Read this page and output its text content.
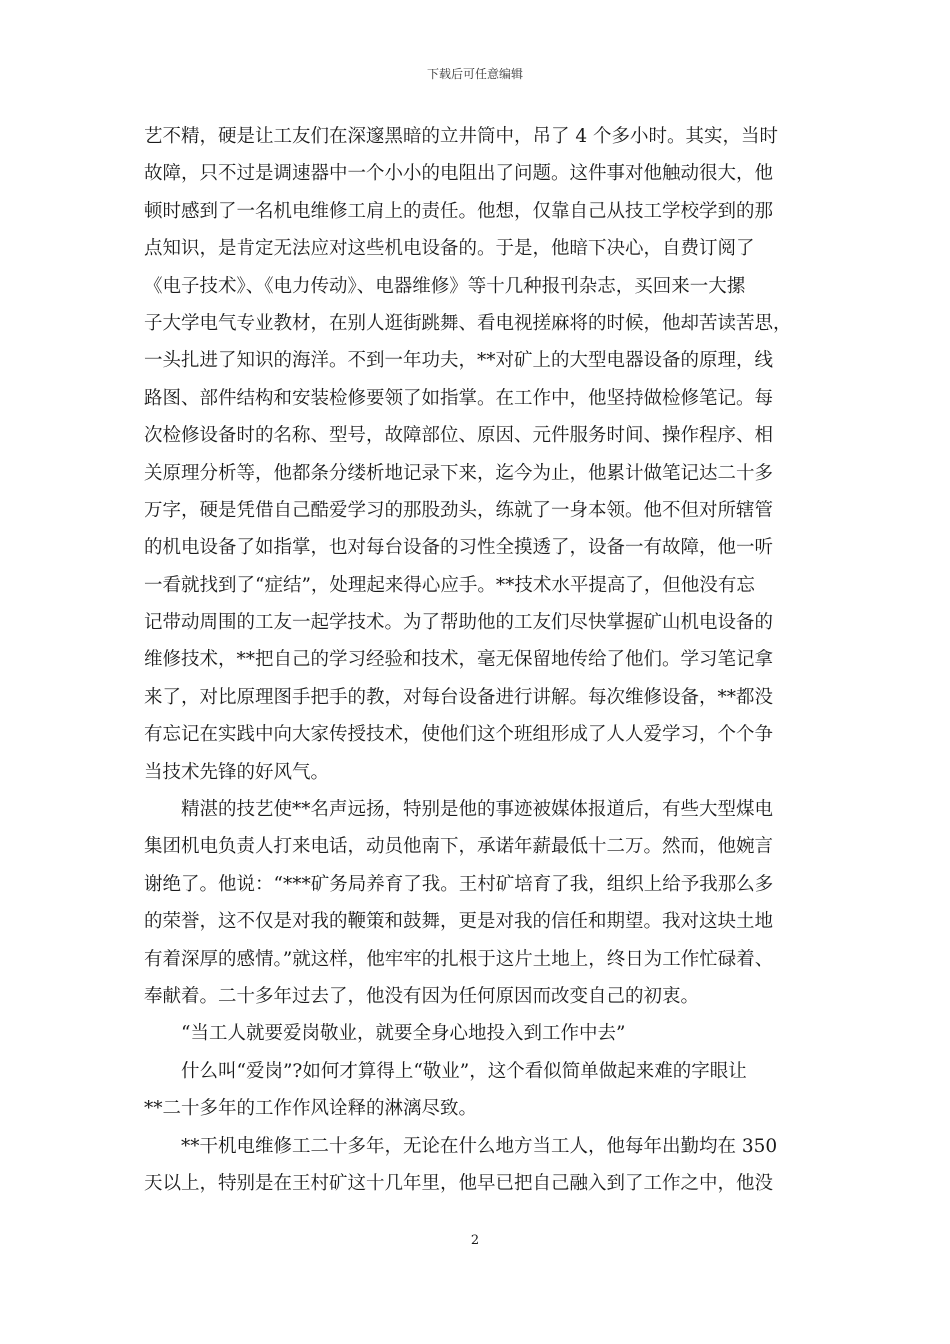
下载后可任意编辑
艺不精，硬是让工友们在深邃黑暗的立井筒中，吊了 4 个多小时。其实，当时
故障，只不过是调速器中一个小小的电阻出了问题。这件事对他触动很大，他
顿时感到了一名机电维修工肩上的责任。他想，仅靠自己从技工学校学到的那
点知识，是肯定无法应对这些机电设备的。于是，他暗下决心，自费订阅了
《电子技术》、《电力传动》、电器维修》等十几种报刊杂志，买回来一大摞
子大学电气专业教材，在别人逛街跳舞、看电视搓麻将的时候，他却苦读苦思，
一头扎进了知识的海洋。不到一年功夫，**对矿上的大型电器设备的原理，线
路图、部件结构和安装检修要领了如指掌。在工作中，他坚持做检修笔记。每
次检修设备时的名称、型号，故障部位、原因、元件服务时间、操作程序、相
关原理分析等，他都条分缕析地记录下来，迄今为止，他累计做笔记达二十多
万字，硬是凭借自己酷爱学习的那股劲头，练就了一身本领。他不但对所辖管
的机电设备了如指掌，也对每台设备的习性全摸透了，设备一有故障，他一听
一看就找到了“症结”，处理起来得心应手。**技术水平提高了，但他没有忘
记带动周围的工友一起学技术。为了帮助他的工友们尽快掌握矿山机电设备的
维修技术，**把自己的学习经验和技术，毫无保留地传给了他们。学习笔记拿
来了，对比原理图手把手的教，对每台设备进行讲解。每次维修设备，**都没
有忘记在实践中向大家传授技术，使他们这个班组形成了人人爱学习，个个争
当技术先锋的好风气。
　　精湛的技艺使**名声远扬，特别是他的事迹被媒体报道后，有些大型煤电
集团机电负责人打来电话，动员他南下，承诺年薪最低十二万。然而，他婉言
谢绝了。他说：“***矿务局养育了我。王村矿培育了我，组织上给予我那么多
的荣誉，这不仅是对我的鞭策和鼓舞，更是对我的信任和期望。我对这块土地
有着深厚的感情。”就这样，他牢牢的扎根于这片土地上，终日为工作忙碌着、
奉献着。二十多年过去了，他没有因为任何原因而改变自己的初衷。
　　“当工人就要爱岗敬业，就要全身心地投入到工作中去”
　　什么叫“爱岗”?如何才算得上“敬业”，这个看似简单做起来难的字眼让
**二十多年的工作作风诠释的淋漓尽致。
　　**干机电维修工二十多年，无论在什么地方当工人，他每年出勤均在 350
天以上，特别是在王村矿这十几年里，他早已把自己融入到了工作之中，他没
2
